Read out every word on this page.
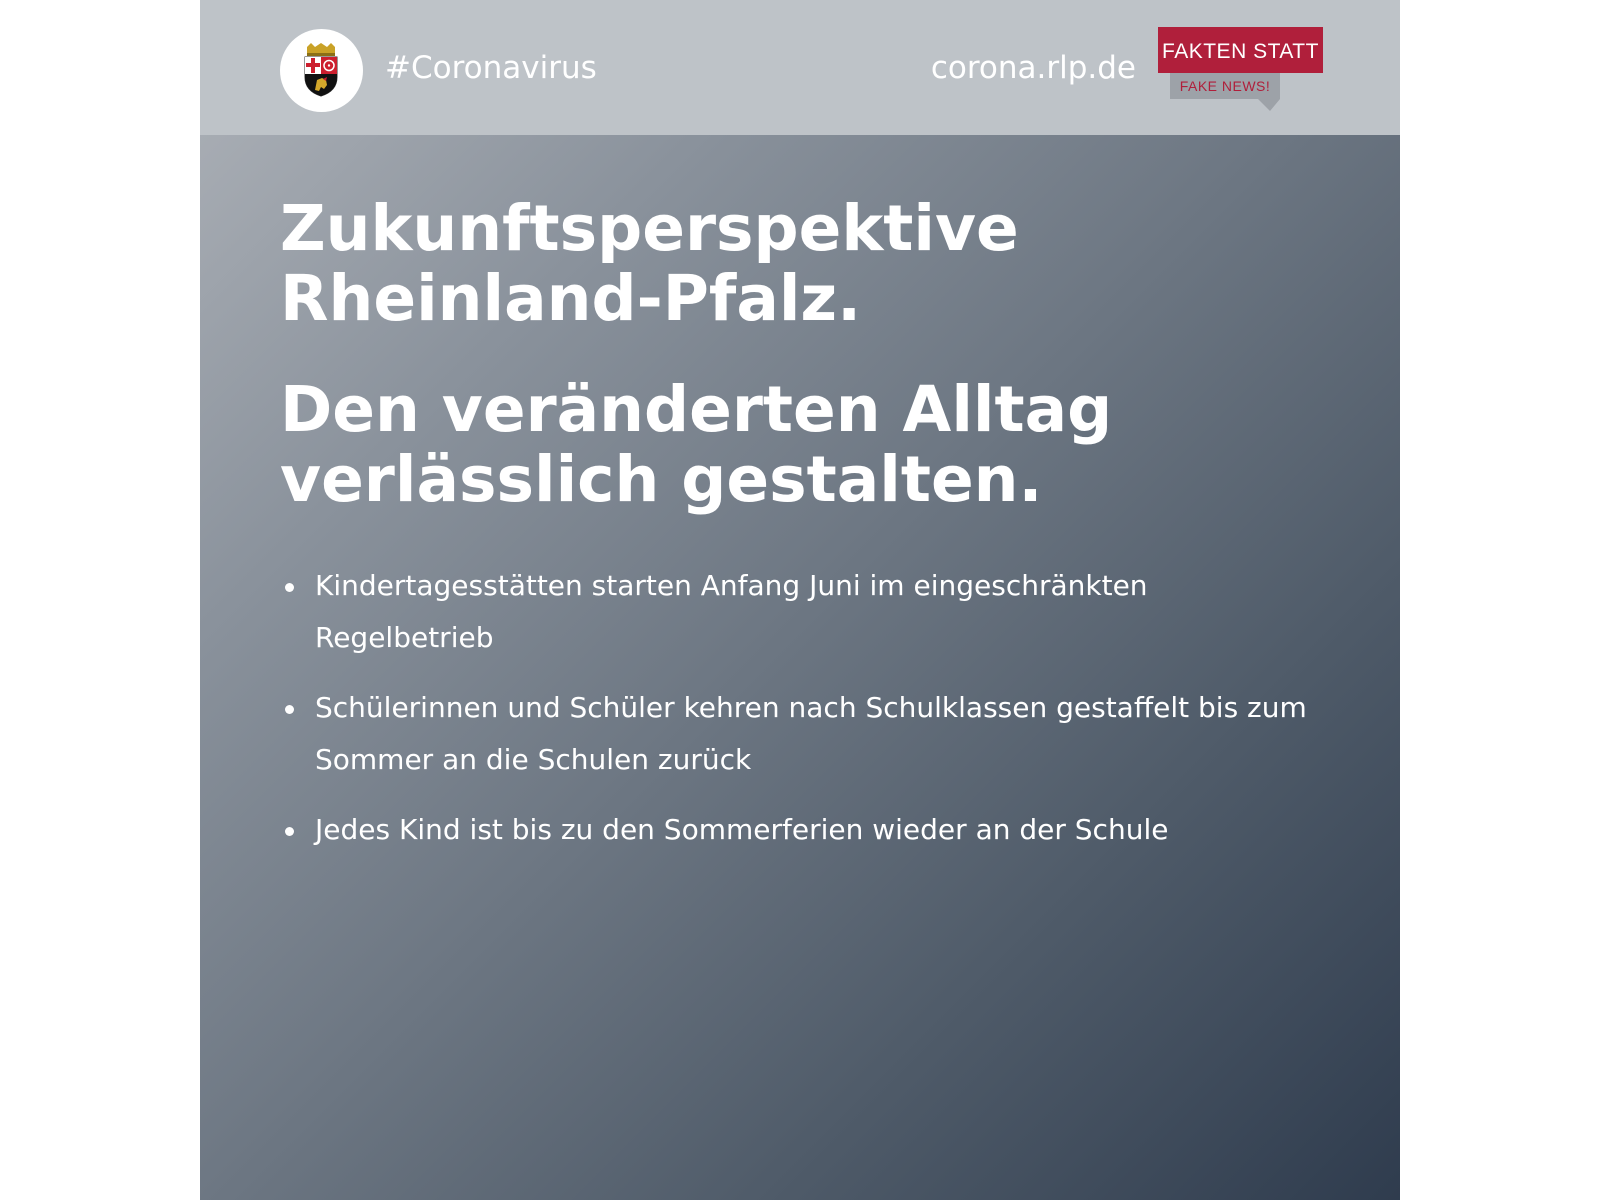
#Coronavirus	corona.rlp.de FAKTEN STATT
FAKE NEWS!
Zukunftsperspektive
Rheinland-Pfalz.
Den veränderten Alltag
verlässlich gestalten.
Kindertagesstätten starten Anfang Juni im eingeschränkten Regelbetrieb
Schülerinnen und Schüler kehren nach Schulklassen gestaffelt bis zum Sommer an die Schulen zurück
Jedes Kind ist bis zu den Sommerferien wieder an der Schule
